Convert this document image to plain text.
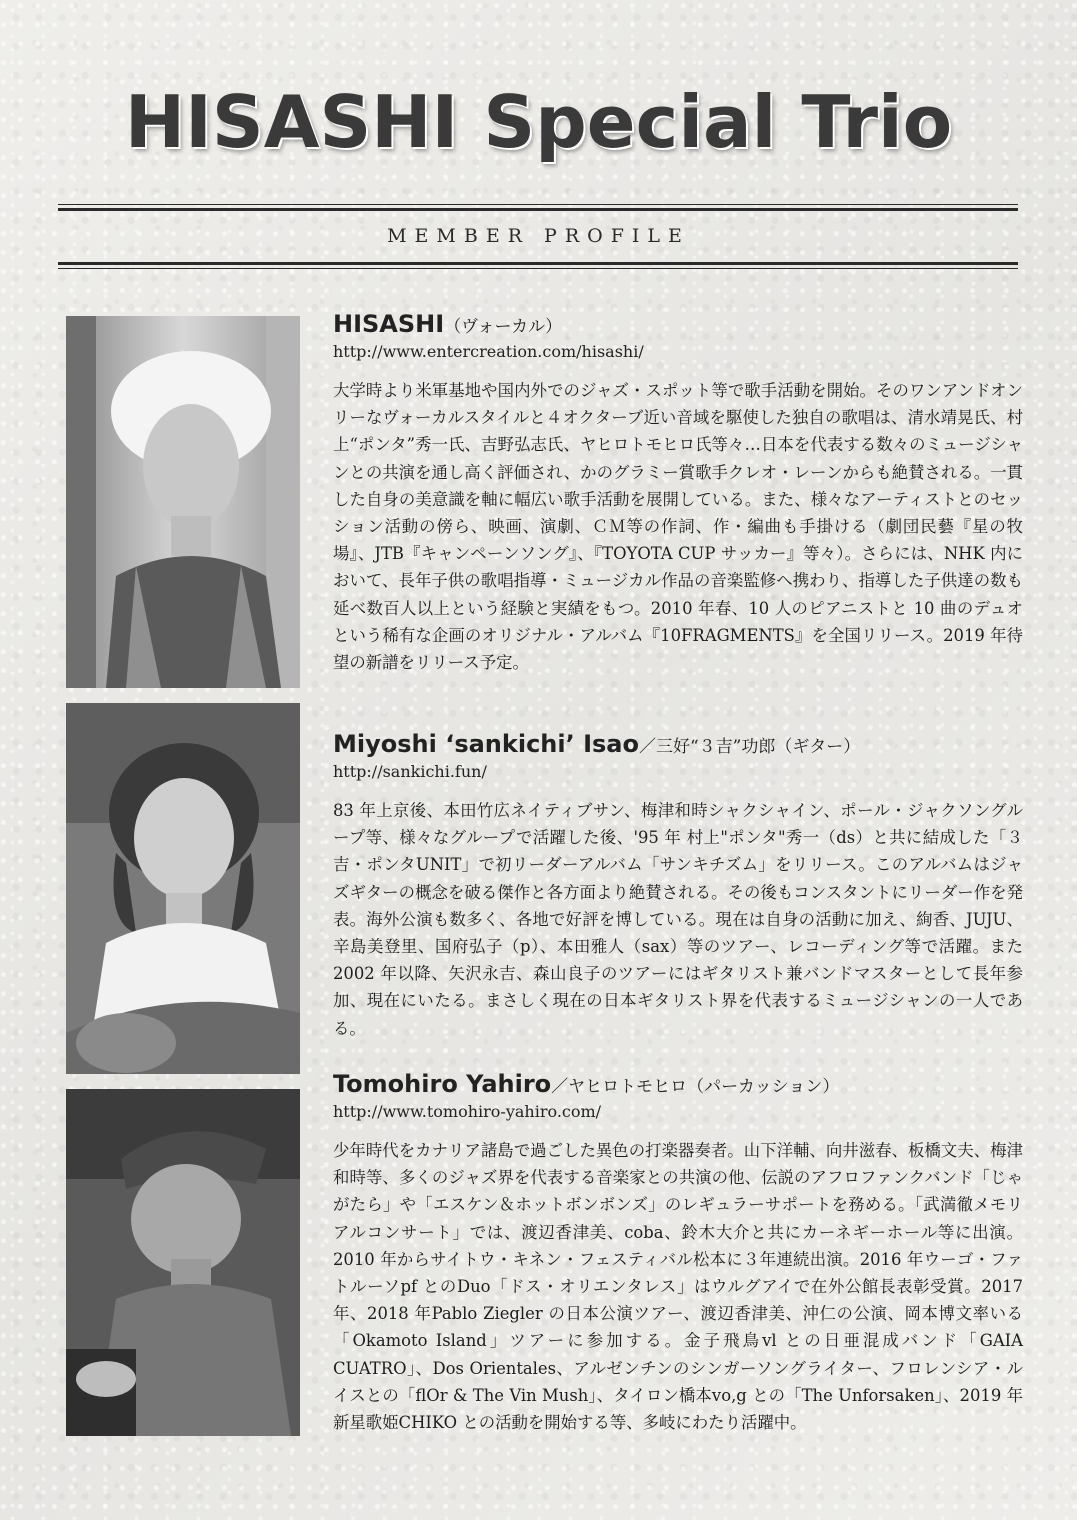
HISASHI Special Trio
MEMBER PROFILE
HISASHI（ヴォーカル）
http://www.entercreation.com/hisashi/
大学時より米軍基地や国内外でのジャズ・スポット等で歌手活動を開始。そのワンアンドオンリーなヴォーカルスタイルと４オクターブ近い音域を駆使した独自の歌唱は、清水靖晃氏、村上“ポンタ”秀一氏、吉野弘志氏、ヤヒロトモヒロ氏等々…日本を代表する数々のミュージシャンとの共演を通し高く評価され、かのグラミー賞歌手クレオ・レーンからも絶賛される。一貫した自身の美意識を軸に幅広い歌手活動を展開している。また、様々なアーティストとのセッション活動の傍ら、映画、演劇、ＣＭ等の作詞、作・編曲も手掛ける（劇団民藝『星の牧場』、JTB『キャンペーンソング』、『TOYOTA CUP サッカー』等々）。さらには、NHK 内において、長年子供の歌唱指導・ミュージカル作品の音楽監修へ携わり、指導した子供達の数も延べ数百人以上という経験と実績をもつ。2010 年春、10 人のピアニストと 10 曲のデュオという稀有な企画のオリジナル・アルバム『10FRAGMENTS』を全国リリース。2019 年待望の新譜をリリース予定。
Miyoshi ‘sankichi’ Isao／三好“３吉”功郎（ギター）
http://sankichi.fun/
83 年上京後、本田竹広ネイティブサン、梅津和時シャクシャイン、ポール・ジャクソングループ等、様々なグループで活躍した後、'95 年 村上"ポンタ"秀一（ds）と共に結成した「３吉・ポンタUNIT」で初リーダーアルバム「サンキチズム」をリリース。このアルバムはジャズギターの概念を破る傑作と各方面より絶賛される。その後もコンスタントにリーダー作を発表。海外公演も数多く、各地で好評を博している。現在は自身の活動に加え、絢香、JUJU、辛島美登里、国府弘子（p）、本田雅人（sax）等のツアー、レコーディング等で活躍。また 2002 年以降、矢沢永吉、森山良子のツアーにはギタリスト兼バンドマスターとして長年参加、現在にいたる。まさしく現在の日本ギタリスト界を代表するミュージシャンの一人である。
Tomohiro Yahiro／ヤヒロトモヒロ（パーカッション）
http://www.tomohiro-yahiro.com/
少年時代をカナリア諸島で過ごした異色の打楽器奏者。山下洋輔、向井滋春、板橋文夫、梅津和時等、多くのジャズ界を代表する音楽家との共演の他、伝説のアフロファンクバンド「じゃがたら」や「エスケン＆ホットボンボンズ」のレギュラーサポートを務める。「武満徹メモリアルコンサート」では、渡辺香津美、coba、鈴木大介と共にカーネギーホール等に出演。2010 年からサイトウ・キネン・フェスティバル松本に３年連続出演。2016 年ウーゴ・ファトルーソpf とのDuo「ドス・オリエンタレス」はウルグアイで在外公館長表彰受賞。2017 年、2018 年Pablo Ziegler の日本公演ツアー、渡辺香津美、沖仁の公演、岡本博文率いる「Okamoto Island」ツアーに参加する。金子飛鳥vl との日亜混成バンド「GAIA CUATRO」、Dos Orientales、アルゼンチンのシンガーソングライター、フロレンシア・ルイスとの「flOr & The Vin Mush」、タイロン橋本vo,g との「The Unforsaken」、2019 年新星歌姫CHIKO との活動を開始する等、多岐にわたり活躍中。
